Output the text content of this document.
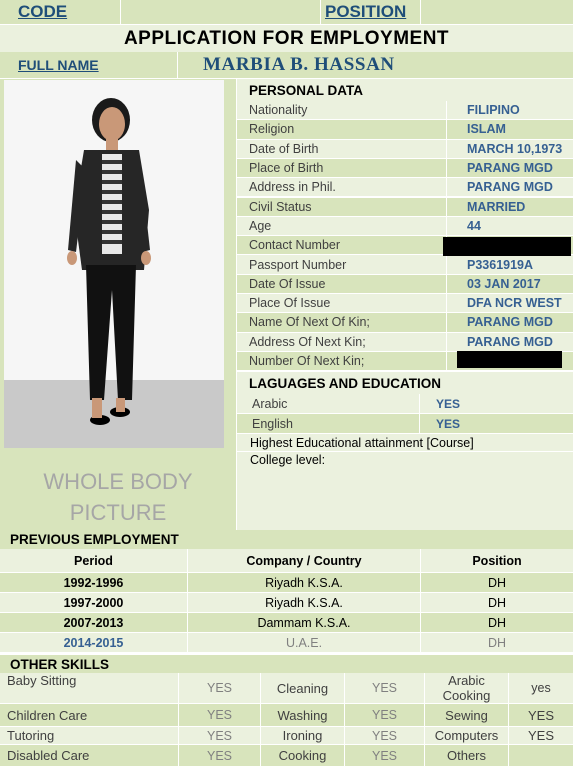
CODE	POSITION
APPLICATION FOR EMPLOYMENT
FULL NAME	MARBIA B. HASSAN
WHOLE BODY
PICTURE
PERSONAL DATA
Nationality	FILIPINO
Religion	ISLAM
Date of Birth	MARCH 10,1973
Place of Birth	PARANG MGD
Address in Phil.	PARANG MGD
Civil Status	MARRIED
Age	44
Contact Number
Passport Number	P3361919A
Date Of Issue	03 JAN 2017
Place Of Issue	DFA NCR WEST
Name Of Next Of Kin;	PARANG MGD
Address Of Next Kin;	PARANG MGD
Number Of Next Kin;
LAGUAGES AND EDUCATION
Arabic	YES
English	YES
Highest Educational attainment [Course]
College level:
PREVIOUS EMPLOYMENT
Period	Company / Country	Position
1992-1996	Riyadh K.S.A.	DH
1997-2000	Riyadh K.S.A.	DH
2007-2013	Dammam K.S.A.	DH
2014-2015	U.A.E.	DH
OTHER SKILLS
Baby Sitting	YES	Cleaning	YES	Arabic Cooking	yes
Children Care	YES	Washing	YES	Sewing	YES
Tutoring	YES	Ironing	YES	Computers YES
Disabled Care	YES	Cooking	YES	Others
